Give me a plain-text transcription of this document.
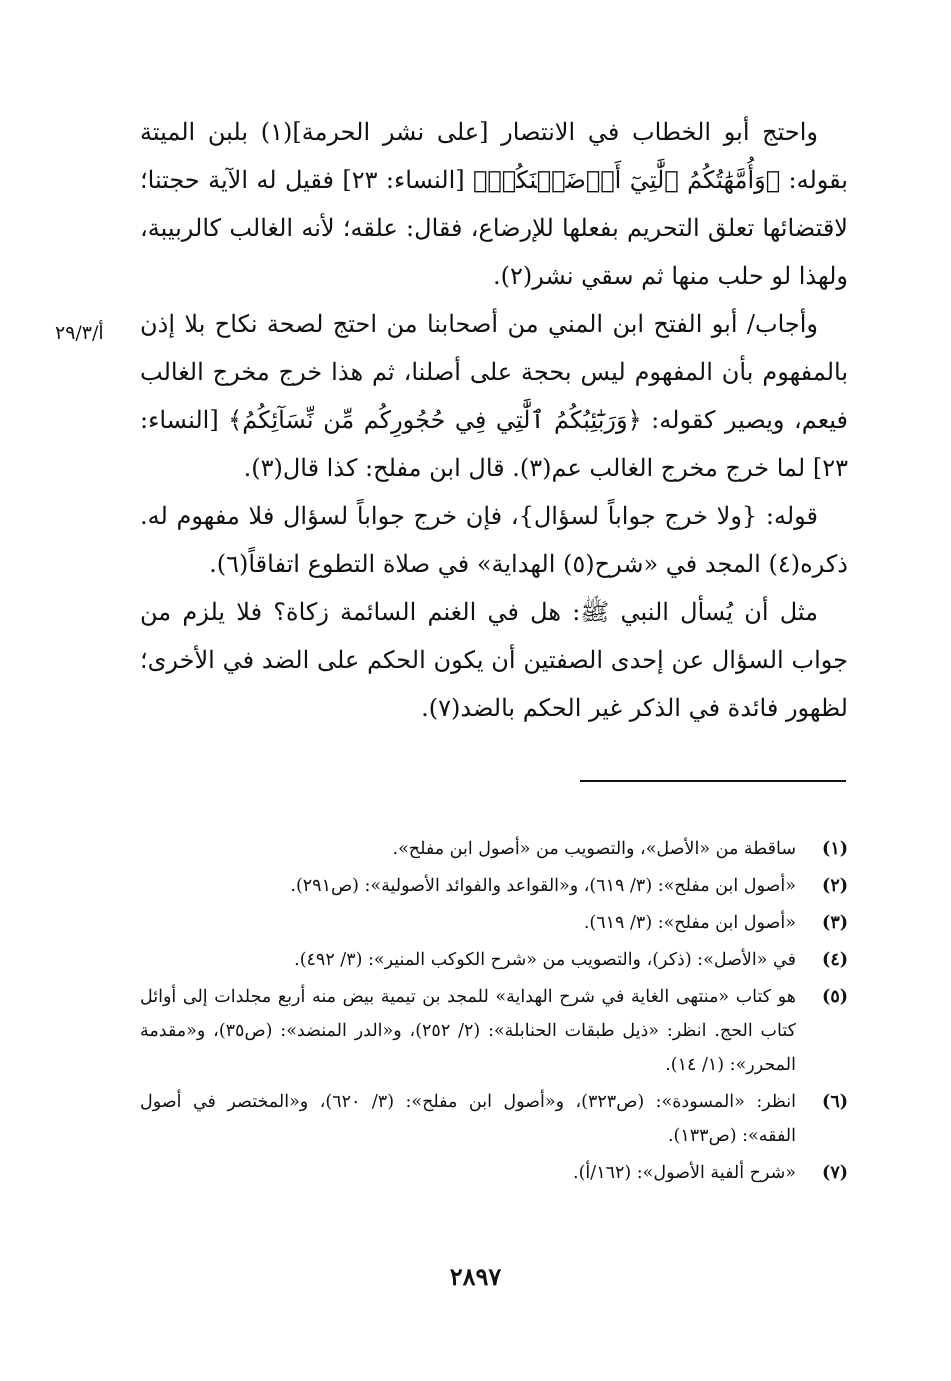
واحتج أبو الخطاب في الانتصار [على نشر الحرمة](١) بلبن الميتة بقوله: ﴿وَأُمَّهَٰتُكُمُ ٱلَّٰتِيٓ أَرۡضَعۡنَكُمۡ﴾ [النساء: ٢٣] فقيل له الآية حجتنا؛ لاقتضائها تعلق التحريم بفعلها للإرضاع، فقال: علقه؛ لأنه الغالب كالربيبة، ولهذا لو حلب منها ثم سقي نشر(٢).

وأجاب/ أبو الفتح ابن المني من أصحابنا من احتج لصحة نكاح بلا إذن بالمفهوم بأن المفهوم ليس بحجة على أصلنا، ثم هذا خرج مخرج الغالب فيعم، ويصير كقوله: ﴿وَرَبَٰٓئِبُكُمُ ٱلَّٰتِي فِي حُجُورِكُم مِّن نِّسَآئِكُمُ﴾ [النساء: ٢٣] لما خرج مخرج الغالب عم(٣). قال ابن مفلح: كذا قال(٣).

قوله: {ولا خرج جواباً لسؤال}، فإن خرج جواباً لسؤال فلا مفهوم له. ذكره(٤) المجد في «شرح(٥) الهداية» في صلاة التطوع اتفاقاً(٦).

مثل أن يُسأل النبي ﷺ: هل في الغنم السائمة زكاة؟ فلا يلزم من جواب السؤال عن إحدى الصفتين أن يكون الحكم على الضد في الأخرى؛ لظهور فائدة في الذكر غير الحكم بالضد(٧).

أ/٢٩/٣
(١)
ساقطة من «الأصل»، والتصويب من «أصول ابن مفلح».
(٢)
«أصول ابن مفلح»: (٣/ ٦١٩)، و«القواعد والفوائد الأصولية»: (ص٢٩١).
(٣)
«أصول ابن مفلح»: (٣/ ٦١٩).
(٤)
في «الأصل»: (ذكر)، والتصويب من «شرح الكوكب المنير»: (٣/ ٤٩٢).
(٥)
هو كتاب «منتهى الغاية في شرح الهداية» للمجد بن تيمية بيض منه أربع مجلدات إلى أوائل كتاب الحج. انظر: «ذيل طبقات الحنابلة»: (٢/ ٢٥٢)، و«الدر المنضد»: (ص٣٥)، و«مقدمة المحرر»: (١/ ١٤).
(٦)
انظر: «المسودة»: (ص٣٢٣)، و«أصول ابن مفلح»: (٣/ ٦٢٠)، و«المختصر في أصول الفقه»: (ص١٣٣).
(٧)
«شرح ألفية الأصول»: (١٦٢/أ).
٢٨٩٧
